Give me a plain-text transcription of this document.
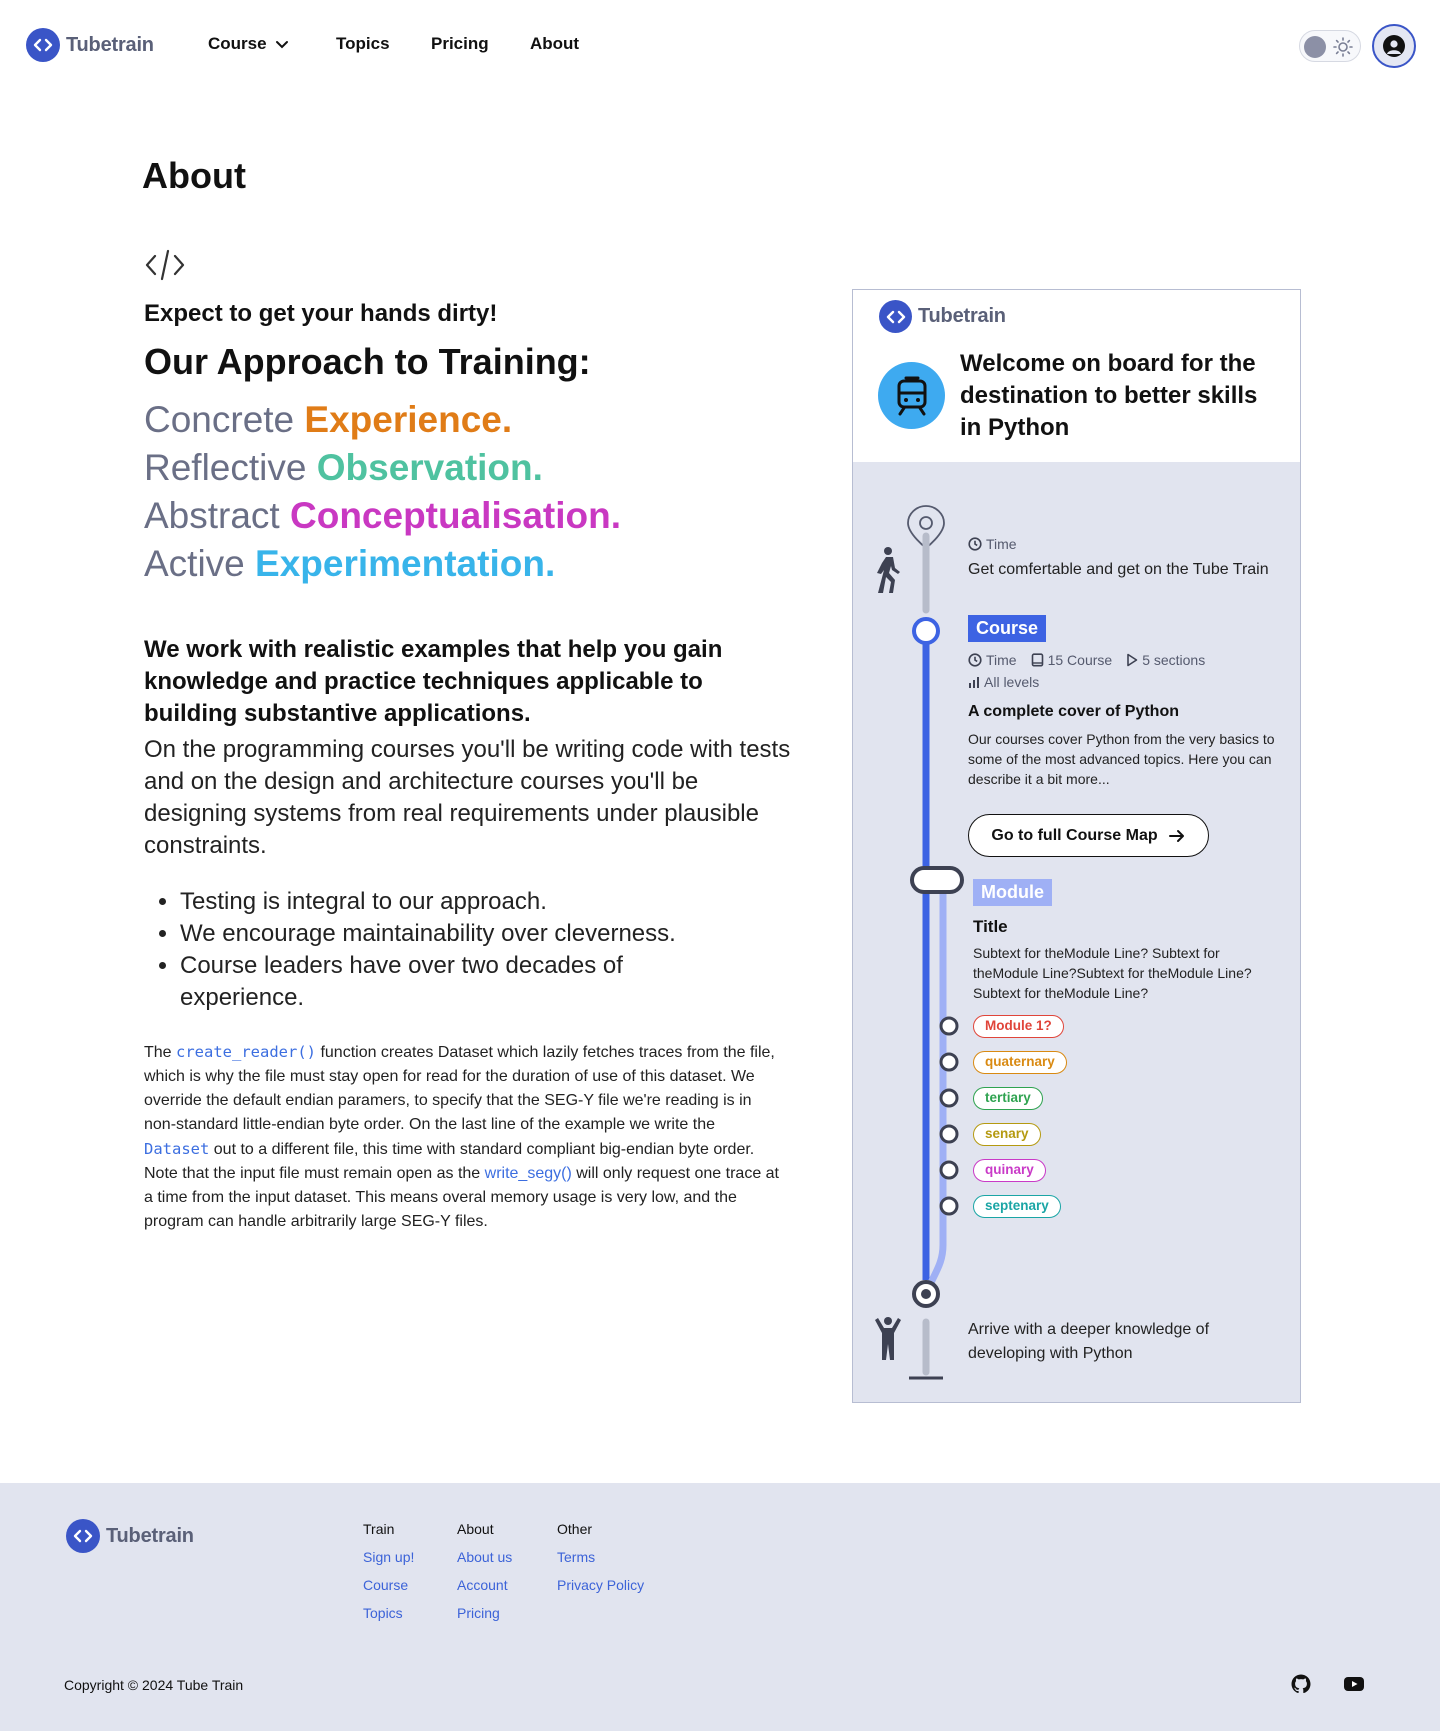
Tubetrain	Course	Topics Pricing About
About
Expect to get your hands dirty!
Our Approach to Training:
Concrete Experience.
Reflective Observation.
Abstract Conceptualisation.
Active Experimentation.

We work with realistic examples that help you gain knowledge and practice techniques applicable to building substantive applications.

On the programming courses you'll be writing code with tests and on the design and architecture courses you'll be designing systems from real requirements under plausible constraints.

• Testing is integral to our approach.
• We encourage maintainability over cleverness.
• Course leaders have over two decades of experience.

The create_reader() function creates Dataset which lazily fetches traces from the file, which is why the file must stay open for read for the duration of use of this dataset. We override the default endian paramers, to specify that the SEG-Y file we're reading is in non-standard little-endian byte order. On the last line of the example we write the Dataset out to a different file, this time with standard compliant big-endian byte order. Note that the input file must remain open as the write_segy() will only request one trace at a time from the input dataset. This means overal memory usage is very low, and the program can handle arbitrarily large SEG-Y files.

Tubetrain
Welcome on board for the destination to better skills in Python
Time
Get comfertable and get on the Tube Train
Course
Time 15 Course 5 sections
All levels
A complete cover of Python
Our courses cover Python from the very basics to some of the most advanced topics. Here you can describe it a bit more...
Go to full Course Map
Module
Title
Subtext for theModule Line? Subtext for theModule Line?Subtext for theModule Line? Subtext for theModule Line?
Module 1?
quaternary
tertiary
senary
quinary
septenary
Arrive with a deeper knowledge of developing with Python
Tubetrain	Train
Sign up!
Course
Topics
About
About us
Account
Pricing
Other
Terms
Privacy Policy
Copyright © 2024 Tube Train
